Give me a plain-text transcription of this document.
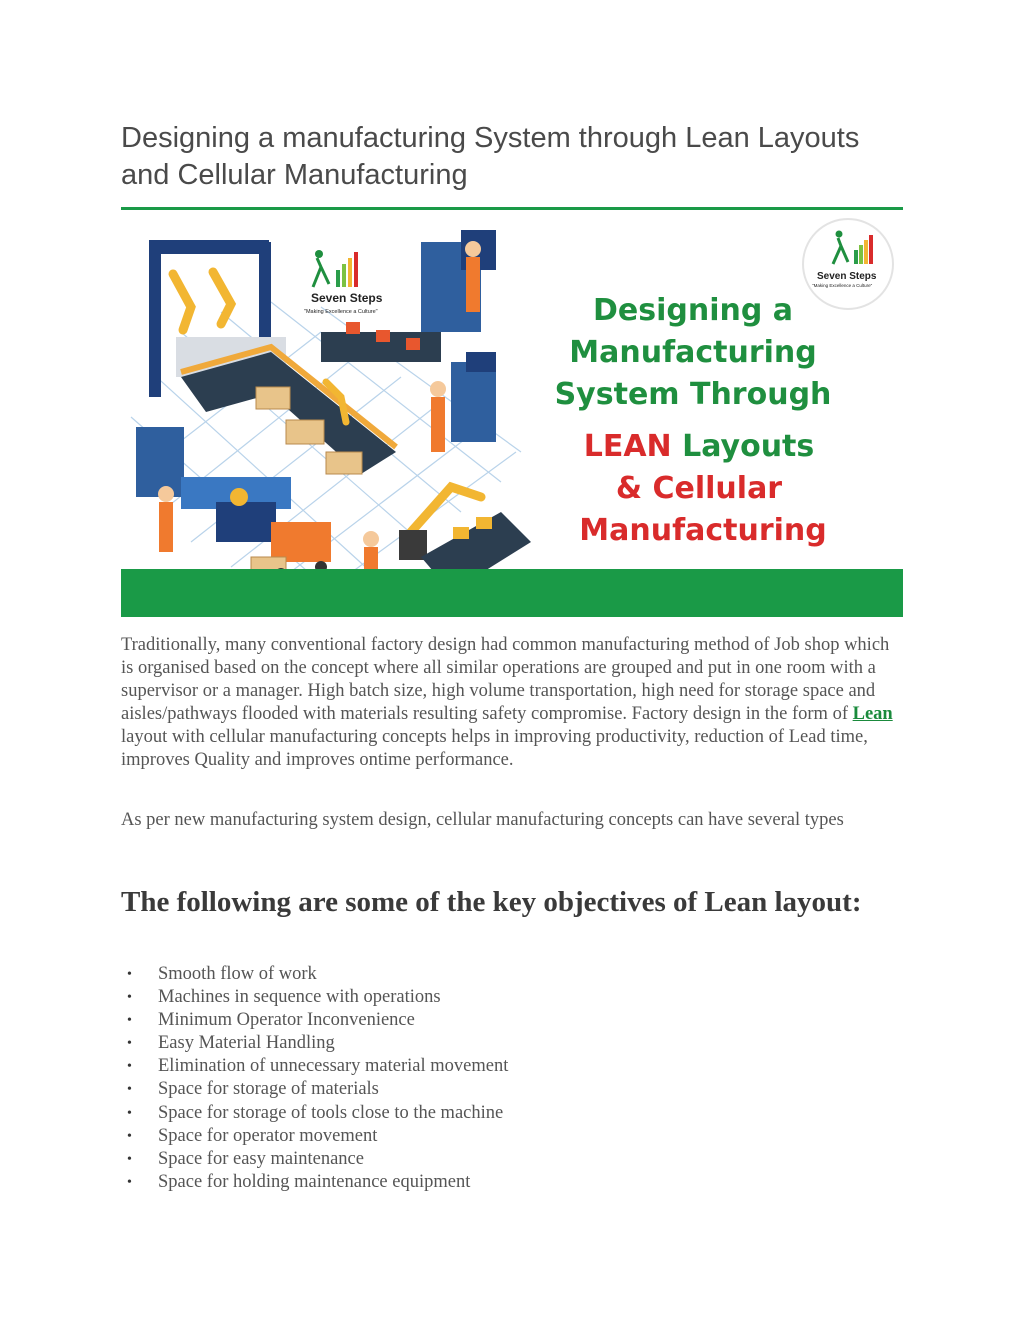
Designing a manufacturing System through Lean Layouts and Cellular Manufacturing
Seven Steps
"Making Excellence a Culture"
Seven Steps
"Making Excellence a Culture"
Designing a
Manufacturing
System Through
LEAN Layouts
& Cellular
Manufacturing

Traditionally, many conventional factory design had common manufacturing method of Job shop which is organised based on the concept where all similar operations are grouped and put in one room with a supervisor or a manager. High batch size, high volume transportation, high need for storage space and aisles/pathways flooded with materials resulting safety compromise. Factory design in the form of Lean layout with cellular manufacturing concepts helps in improving productivity, reduction of Lead time, improves Quality and improves ontime performance.

As per new manufacturing system design, cellular manufacturing concepts can have several types

The following are some of the key objectives of Lean layout:
• Smooth flow of work
• Machines in sequence with operations
• Minimum Operator Inconvenience
• Easy Material Handling
• Elimination of unnecessary material movement
• Space for storage of materials
• Space for storage of tools close to the machine
• Space for operator movement
• Space for easy maintenance
• Space for holding maintenance equipment
